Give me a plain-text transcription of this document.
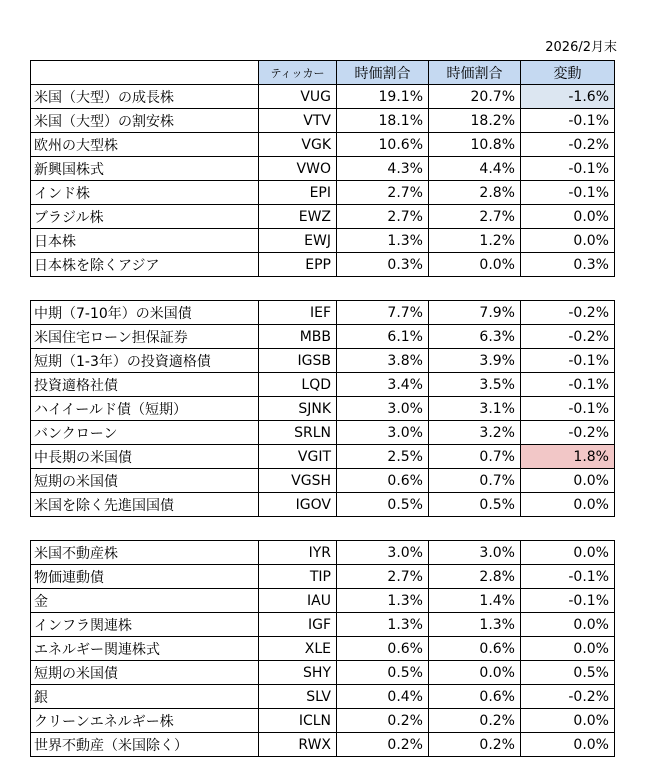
2026/2月末
	ティッカー	時価割合	時価割合	変動
米国（大型）の成長株	VUG	19.1%	20.7%	-1.6%
米国（大型）の割安株	VTV	18.1%	18.2%	-0.1%
欧州の大型株	VGK	10.6%	10.8%	-0.2%
新興国株式	VWO	4.3%	4.4%	-0.1%
インド株	EPI	2.7%	2.8%	-0.1%
ブラジル株	EWZ	2.7%	2.7%	0.0%
日本株	EWJ	1.3%	1.2%	0.0%
日本株を除くアジア	EPP	0.3%	0.0%	0.3%

中期（7-10年）の米国債	IEF	7.7%	7.9%	-0.2%
米国住宅ローン担保証券	MBB	6.1%	6.3%	-0.2%
短期（1-3年）の投資適格債	IGSB	3.8%	3.9%	-0.1%
投資適格社債	LQD	3.4%	3.5%	-0.1%
ハイイールド債（短期）	SJNK	3.0%	3.1%	-0.1%
バンクローン	SRLN	3.0%	3.2%	-0.2%
中長期の米国債	VGIT	2.5%	0.7%	1.8%
短期の米国債	VGSH	0.6%	0.7%	0.0%
米国を除く先進国国債	IGOV	0.5%	0.5%	0.0%

米国不動産株	IYR	3.0%	3.0%	0.0%
物価連動債	TIP	2.7%	2.8%	-0.1%
金	IAU	1.3%	1.4%	-0.1%
インフラ関連株	IGF	1.3%	1.3%	0.0%
エネルギー関連株式	XLE	0.6%	0.6%	0.0%
短期の米国債	SHY	0.5%	0.0%	0.5%
銀	SLV	0.4%	0.6%	-0.2%
クリーンエネルギー株	ICLN	0.2%	0.2%	0.0%
世界不動産（米国除く）	RWX	0.2%	0.2%	0.0%
